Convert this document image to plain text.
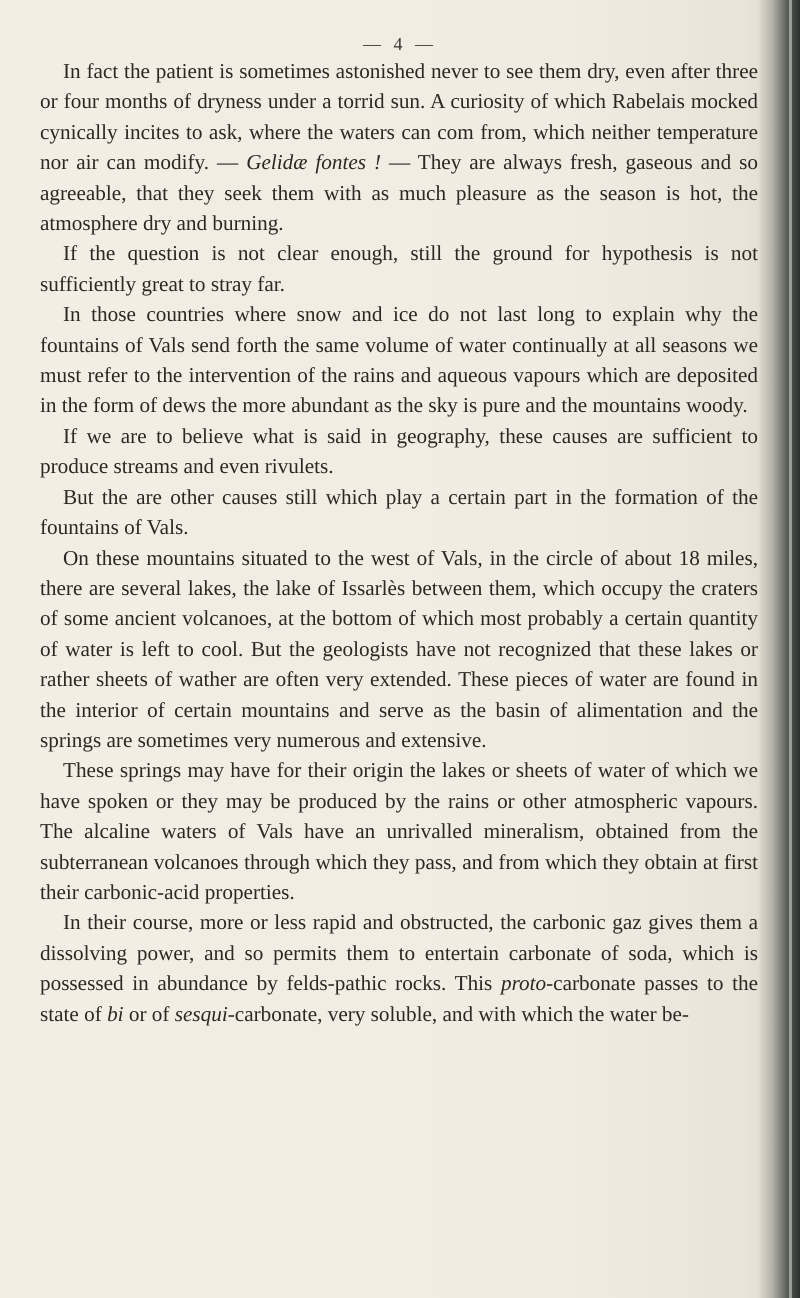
— 4 —

In fact the patient is sometimes astonished never to see them dry, even after three or four months of dryness under a torrid sun. A curiosity of which Rabelais mocked cynically incites to ask, where the waters can com from, which neither temperature nor air can modify. — Gelidæ fontes ! — They are always fresh, gaseous and so agreeable, that they seek them with as much pleasure as the season is hot, the atmosphere dry and burning.

If the question is not clear enough, still the ground for hypothesis is not sufficiently great to stray far.

In those countries where snow and ice do not last long to explain why the fountains of Vals send forth the same volume of water continually at all seasons we must refer to the intervention of the rains and aqueous vapours which are deposited in the form of dews the more abundant as the sky is pure and the mountains woody.

If we are to believe what is said in geography, these causes are sufficient to produce streams and even rivulets.

But the are other causes still which play a certain part in the formation of the fountains of Vals.

On these mountains situated to the west of Vals, in the circle of about 18 miles, there are several lakes, the lake of Issarlès between them, which occupy the craters of some ancient volcanoes, at the bottom of which most probably a certain quantity of water is left to cool. But the geologists have not recognized that these lakes or rather sheets of wather are often very extended. These pieces of water are found in the interior of certain mountains and serve as the basin of alimentation and the springs are sometimes very numerous and extensive.

These springs may have for their origin the lakes or sheets of water of which we have spoken or they may be produced by the rains or other atmospheric vapours. The alcaline waters of Vals have an unrivalled mineralism, obtained from the subterranean volcanoes through which they pass, and from which they obtain at first their carbonic-acid properties.

In their course, more or less rapid and obstructed, the carbonic gaz gives them a dissolving power, and so permits them to entertain carbonate of soda, which is possessed in abundance by felds-pathic rocks. This proto-carbonate passes to the state of bi or of sesqui-carbonate, very soluble, and with which the water be-
